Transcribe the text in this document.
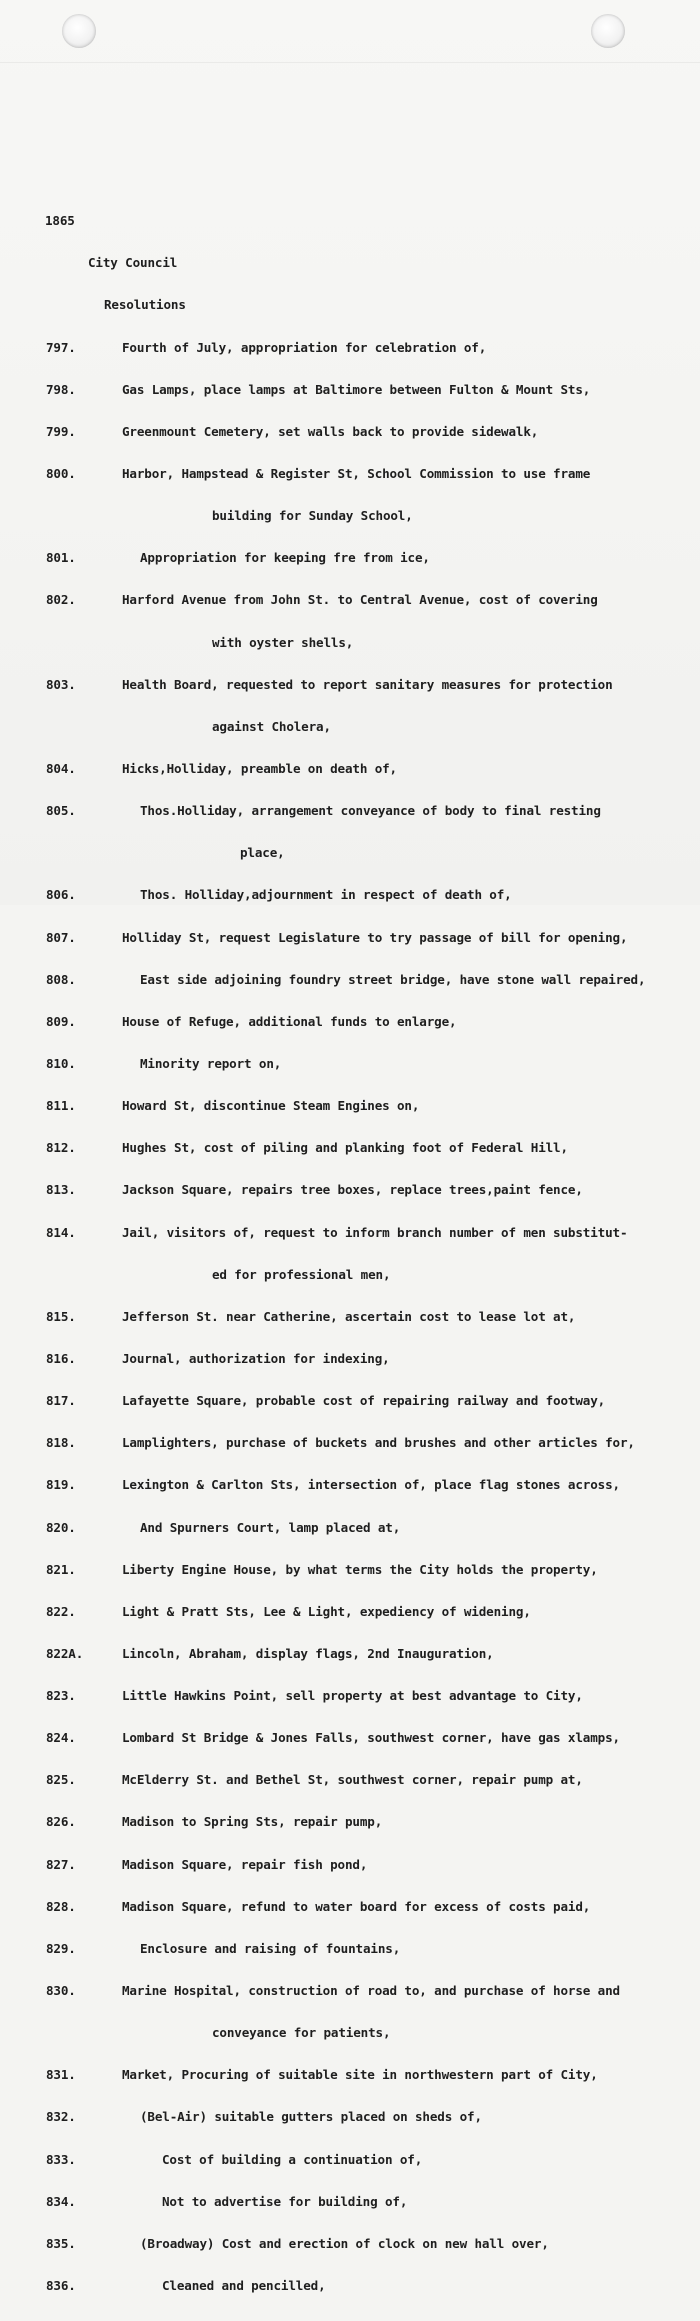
1865

City Council

Resolutions

797.	Fourth of July, appropriation for celebration of,

798.	Gas Lamps, place lamps at Baltimore between Fulton & Mount Sts,

799.	Greenmount Cemetery, set walls back to provide sidewalk,

800.	Harbor, Hampstead & Register St, School Commission to use frame

building for Sunday School,

801.	Appropriation for keeping fre from ice,

802.	Harford Avenue from John St. to Central Avenue, cost of covering

with oyster shells,

803.	Health Board, requested to report sanitary measures for protection

against Cholera,

804.	Hicks,Holliday, preamble on death of,

805.	Thos.Holliday, arrangement conveyance of body to final resting

place,

806.	Thos. Holliday,adjournment in respect of death of,

807.	Holliday St, request Legislature to try passage of bill for opening,

808.	East side adjoining foundry street bridge, have stone wall repaired,

809.	House of Refuge, additional funds to enlarge,

810.	Minority report on,

811.	Howard St, discontinue Steam Engines on,

812.	Hughes St, cost of piling and planking foot of Federal Hill,

813.	Jackson Square, repairs tree boxes, replace trees,paint fence,

814.	Jail, visitors of, request to inform branch number of men substitut-

ed for professional men,

815.	Jefferson St. near Catherine, ascertain cost to lease lot at,

816.	Journal, authorization for indexing,

817.	Lafayette Square, probable cost of repairing railway and footway,

818.	Lamplighters, purchase of buckets and brushes and other articles for,

819.	Lexington & Carlton Sts, intersection of, place flag stones across,

820.	And Spurners Court, lamp placed at,

821.	Liberty Engine House, by what terms the City holds the property,

822.	Light & Pratt Sts, Lee & Light, expediency of widening,

822A.	Lincoln, Abraham, display flags, 2nd Inauguration,

823.	Little Hawkins Point, sell property at best advantage to City,

824.	Lombard St Bridge & Jones Falls, southwest corner, have gas xlamps,

825.	McElderry St. and Bethel St, southwest corner, repair pump at,

826.	Madison to Spring Sts, repair pump,

827.	Madison Square, repair fish pond,

828.	Madison Square, refund to water board for excess of costs paid,

829.	Enclosure and raising of fountains,

830.	Marine Hospital, construction of road to, and purchase of horse and

conveyance for patients,

831.	Market, Procuring of suitable site in northwestern part of City,

832.	(Bel-Air) suitable gutters placed on sheds of,

833.	Cost of building a continuation of,

834.	Not to advertise for building of,

835.	(Broadway) Cost and erection of clock on new hall over,

836.	Cleaned and pencilled,
